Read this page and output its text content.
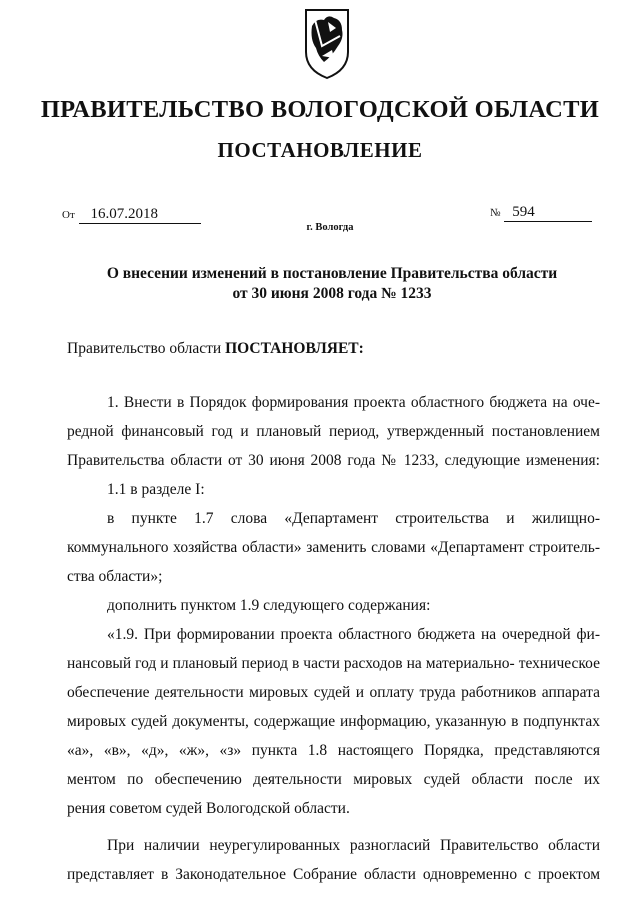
ПРАВИТЕЛЬСТВО ВОЛОГОДСКОЙ ОБЛАСТИ
ПОСТАНОВЛЕНИЕ
От 16.07.2018	№ 594
г. Вологда
О внесении изменений в постановление Правительства области
от 30 июня 2008 года № 1233
Правительство области ПОСТАНОВЛЯЕТ:
1. Внести в Порядок формирования проекта областного бюджета на оче-
редной финансовый год и плановый период, утвержденный постановлением
Правительства области от 30 июня 2008 года № 1233, следующие изменения:
1.1 в разделе I:
в пункте 1.7 слова «Департамент строительства и жилищно-
коммунального хозяйства области» заменить словами «Департамент строитель-
ства области»;
дополнить пунктом 1.9 следующего содержания:
«1.9. При формировании проекта областного бюджета на очередной фи-
нансовый год и плановый период в части расходов на материально- техническое
обеспечение деятельности мировых судей и оплату труда работников аппарата
мировых судей документы, содержащие информацию, указанную в подпунктах
«а», «в», «д», «ж», «з» пункта 1.8 настоящего Порядка, представляются
ментом по обеспечению деятельности мировых судей области после их
рения советом судей Вологодской области.
При наличии неурегулированных разногласий Правительство области
представляет в Законодательное Собрание области одновременно с проектом
